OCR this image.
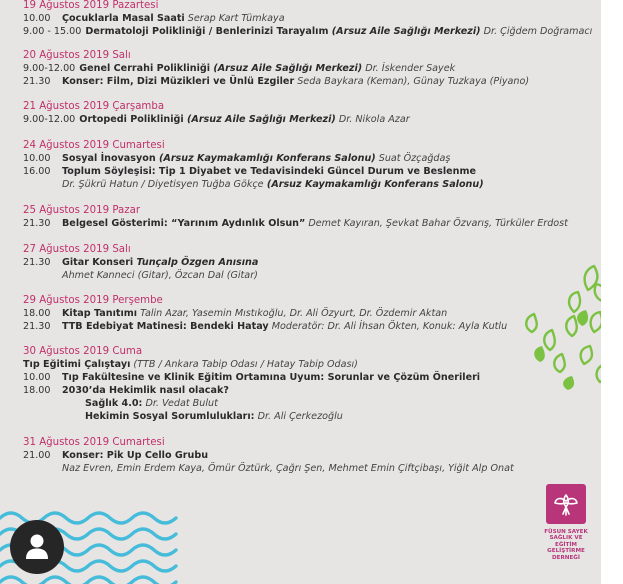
19 Ağustos 2019 Pazartesi
10.00 Çocuklarla Masal Saati Serap Kart Tümkaya
9.00 - 15.00 Dermatoloji Polikliniği / Benlerinizi Tarayalım (Arsuz Aile Sağlığı Merkezi) Dr. Çiğdem Doğramacı
20 Ağustos 2019 Salı
9.00-12.00 Genel Cerrahi Polikliniği (Arsuz Aile Sağlığı Merkezi) Dr. İskender Sayek
21.30 Konser: Film, Dizi Müzikleri ve Ünlü Ezgiler Seda Baykara (Keman), Günay Tuzkaya (Piyano)
21 Ağustos 2019 Çarşamba
9.00-12.00 Ortopedi Polikliniği (Arsuz Aile Sağlığı Merkezi) Dr. Nikola Azar
24 Ağustos 2019 Cumartesi
10.00 Sosyal İnovasyon (Arsuz Kaymakamlığı Konferans Salonu) Suat Özçağdaş
16.00 Toplum Söyleşisi: Tip 1 Diyabet ve Tedavisindeki Güncel Durum ve Beslenme
Dr. Şükrü Hatun / Diyetisyen Tuğba Gökçe (Arsuz Kaymakamlığı Konferans Salonu)
25 Ağustos 2019 Pazar
21.30 Belgesel Gösterimi: “Yarınım Aydınlık Olsun” Demet Kayıran, Şevkat Bahar Özvarış, Türküler Erdost
27 Ağustos 2019 Salı
21.30 Gitar Konseri Tunçalp Özgen Anısına
Ahmet Kanneci (Gitar), Özcan Dal (Gitar)
29 Ağustos 2019 Perşembe
18.00 Kitap Tanıtımı Talin Azar, Yasemin Mıstıkoğlu, Dr. Ali Özyurt, Dr. Özdemir Aktan
21.30 TTB Edebiyat Matinesi: Bendeki Hatay Moderatör: Dr. Ali İhsan Ökten, Konuk: Ayla Kutlu
30 Ağustos 2019 Cuma
Tıp Eğitimi Çalıştayı (TTB / Ankara Tabip Odası / Hatay Tabip Odası)
10.00 Tıp Fakültesine ve Klinik Eğitim Ortamına Uyum: Sorunlar ve Çözüm Önerileri
18.00 2030’da Hekimlik nasıl olacak?
Sağlık 4.0: Dr. Vedat Bulut
Hekimin Sosyal Sorumlulukları: Dr. Ali Çerkezoğlu
31 Ağustos 2019 Cumartesi
21.00 Konser: Pik Up Cello Grubu
Naz Evren, Emin Erdem Kaya, Ömür Öztürk, Çağrı Şen, Mehmet Emin Çiftçibaşı, Yiğit Alp Onat
FÜSUN SAYEK
SAĞLIK VE
EĞİTİM
GELİŞTİRME
DERNEĞİ
